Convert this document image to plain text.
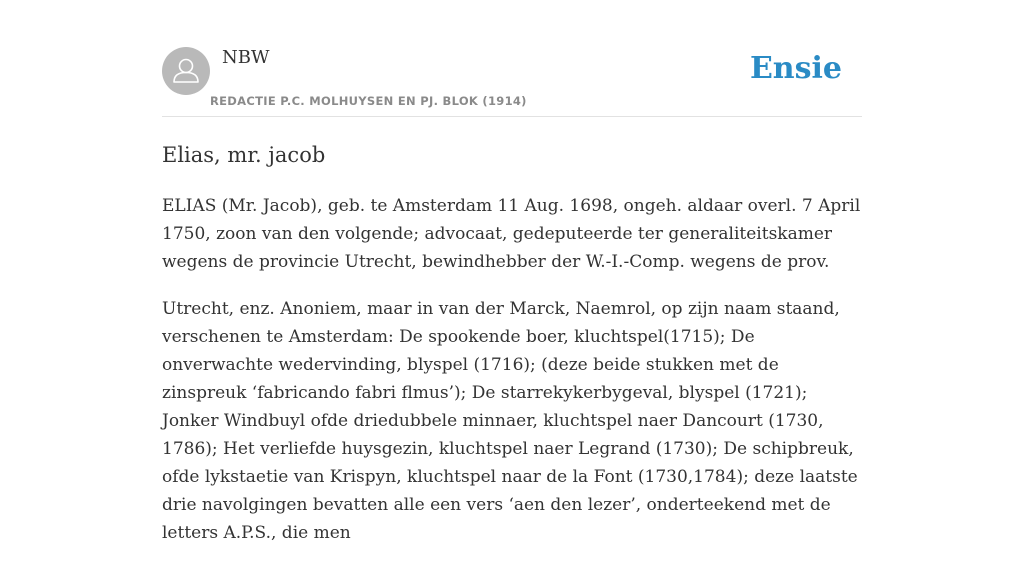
NBW
REDACTIE P.C. MOLHUYSEN EN PJ. BLOK (1914)
Ensie
Elias, mr. jacob

ELIAS (Mr. Jacob), geb. te Amsterdam 11 Aug. 1698, ongeh. aldaar overl. 7 April 1750, zoon van den volgende; advocaat, gedeputeerde ter generaliteitskamer wegens de provincie Utrecht, bewindhebber der W.-I.-Comp. wegens de prov.

Utrecht, enz. Anoniem, maar in van der Marck, Naemrol, op zijn naam staand, verschenen te Amsterdam: De spookende boer, kluchtspel(1715); De onverwachte wedervinding, blyspel (1716); (deze beide stukken met de zinspreuk ‘fabricando fabri flmus’); De starrekykerbygeval, blyspel (1721); Jonker Windbuyl ofde driedubbele minnaer, kluchtspel naer Dancourt (1730, 1786); Het verliefde huysgezin, kluchtspel naer Legrand (1730); De schipbreuk, ofde lykstaetie van Krispyn, kluchtspel naar de la Font (1730,1784); deze laatste drie navolgingen bevatten alle een vers ‘aen den lezer’, onderteekend met de letters A.P.S., die men
